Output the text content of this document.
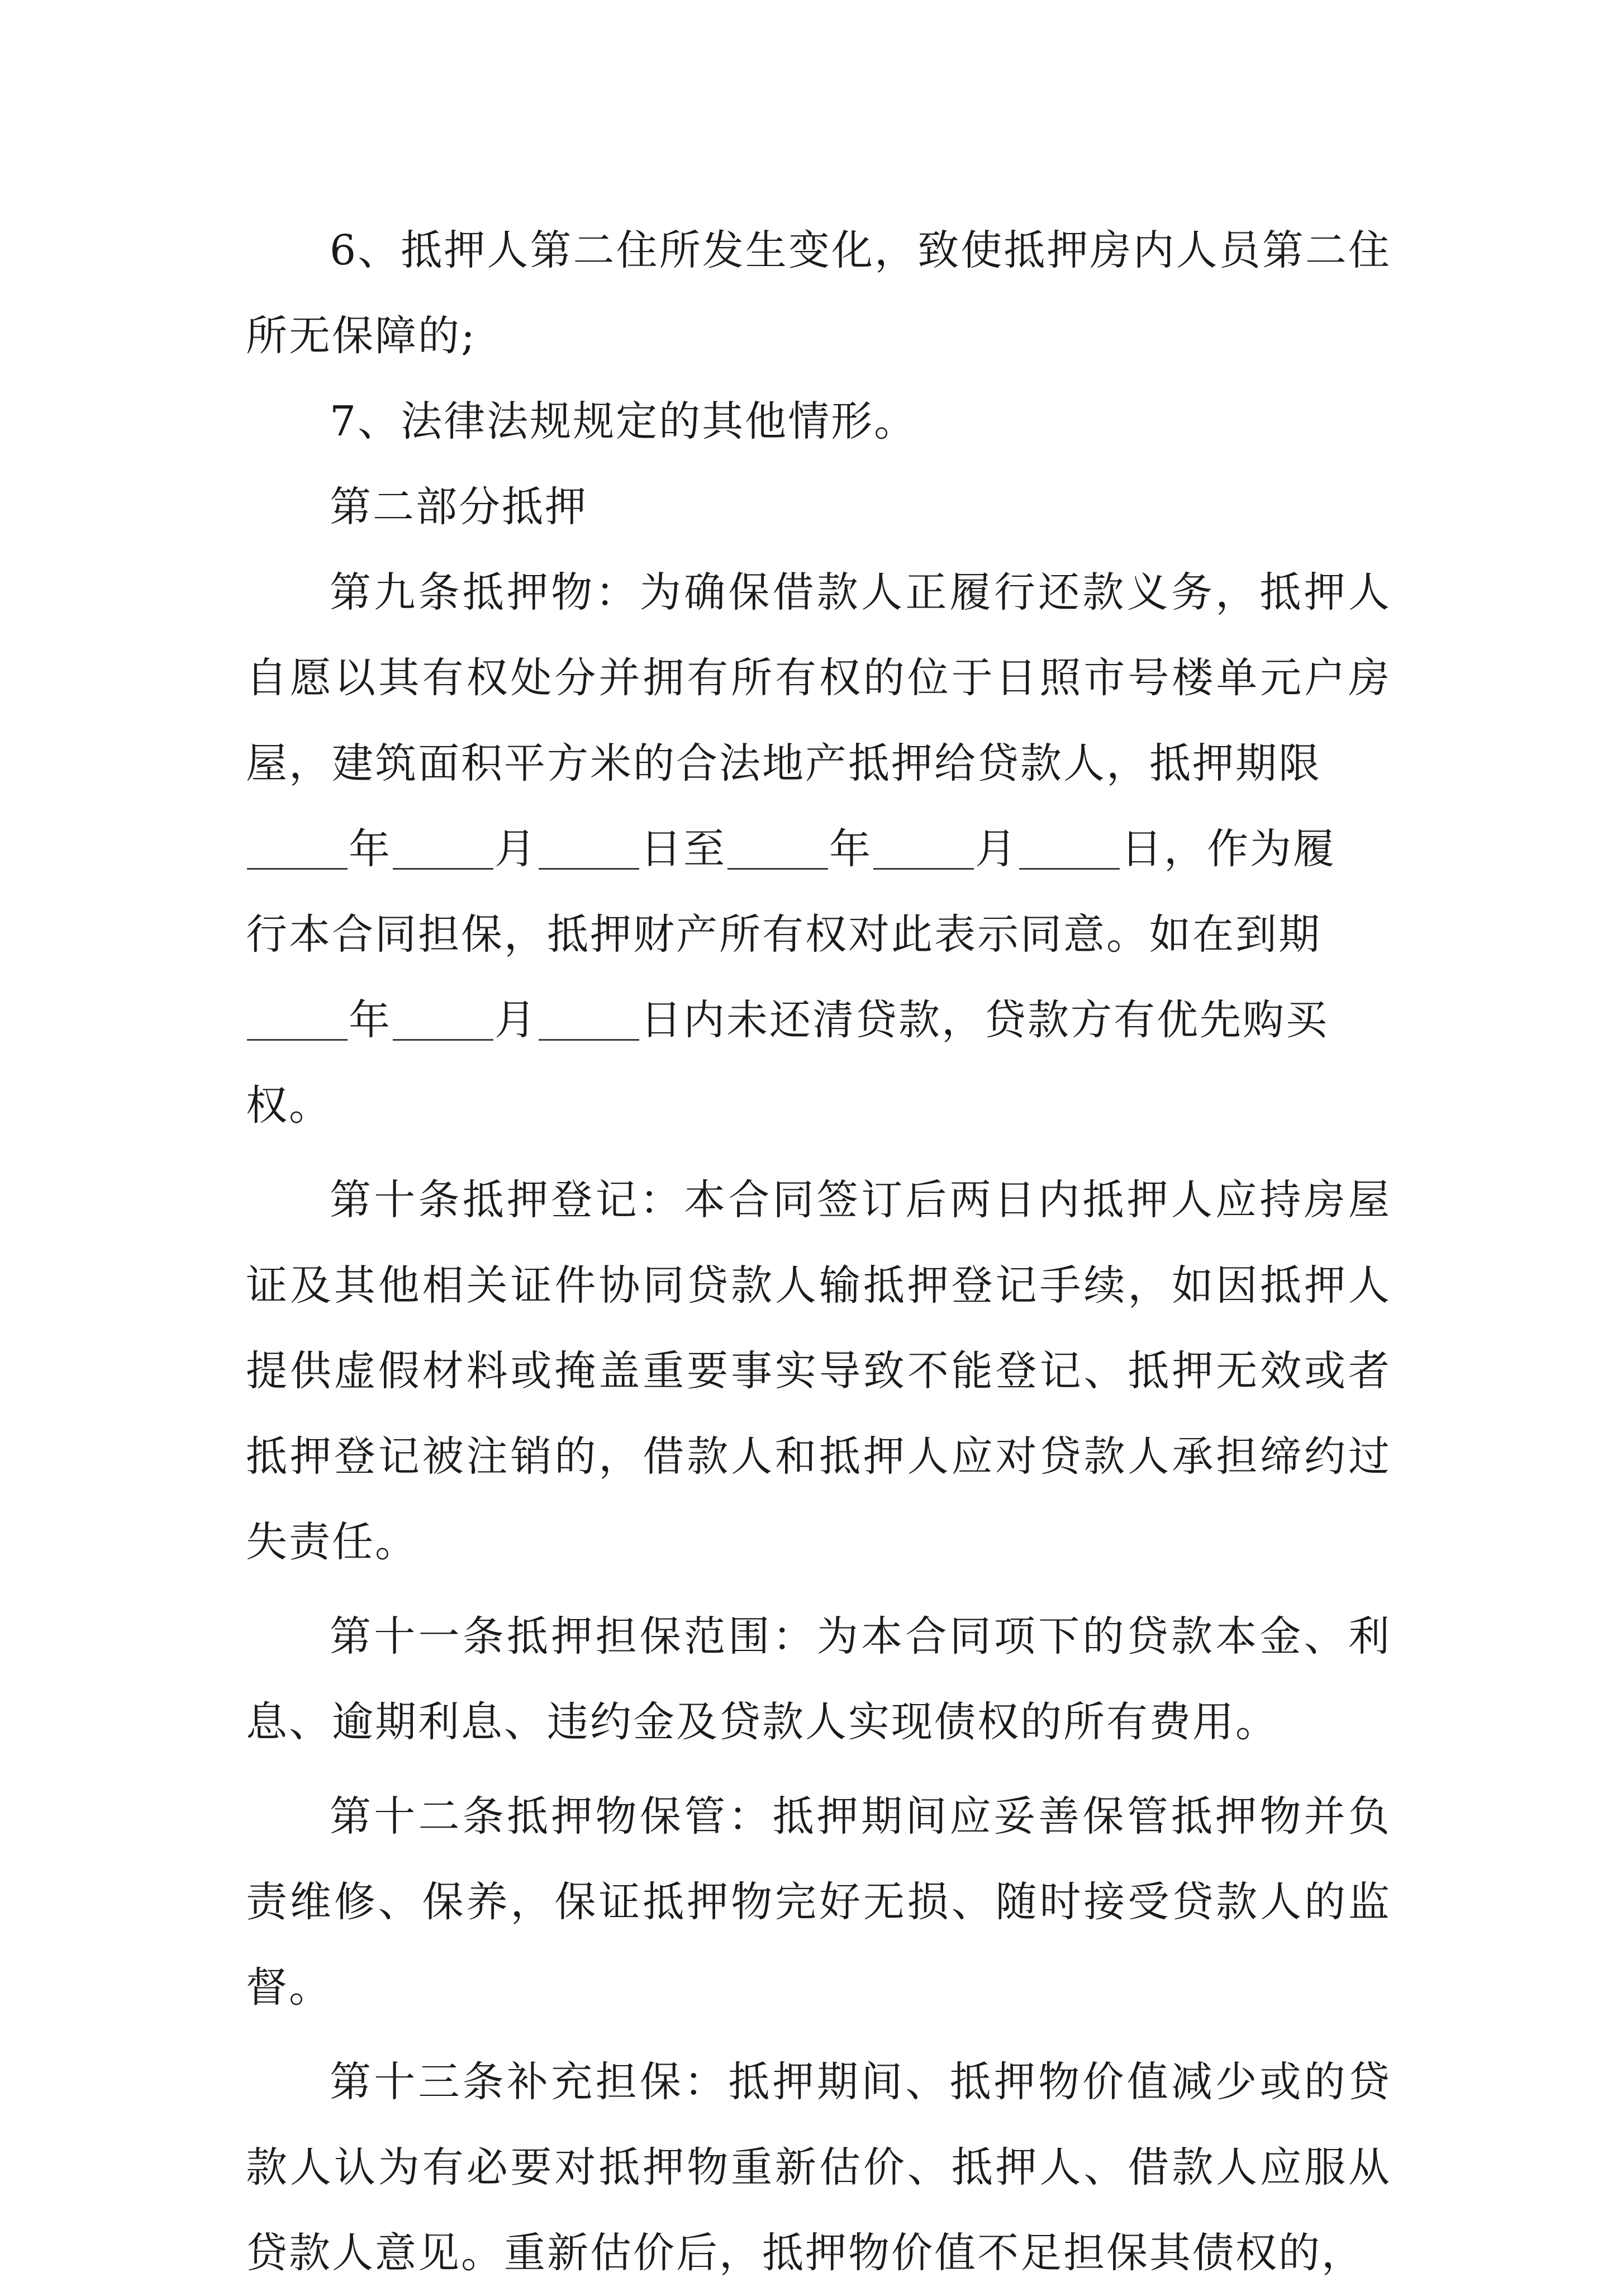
6、抵押人第二住所发生变化，致使抵押房内人员第二住所无保障的;

7、法律法规规定的其他情形。

第二部分抵押

第九条抵押物：为确保借款人正履行还款义务，抵押人自愿以其有权处分并拥有所有权的位于日照市号楼单元户房屋，建筑面积平方米的合法地产抵押给贷款人，抵押期限

年 月 日至 年 月 日，作为履
行本合同担保，抵押财产所有权对此表示同意。如在到期
年 月 日内未还清贷款，贷款方有优先购买
权。

第十条抵押登记：本合同签订后两日内抵押人应持房屋证及其他相关证件协同贷款人输抵押登记手续，如因抵押人提供虚假材料或掩盖重要事实导致不能登记、抵押无效或者抵押登记被注销的，借款人和抵押人应对贷款人承担缔约过失责任。

第十一条抵押担保范围：为本合同项下的贷款本金、利息、逾期利息、违约金及贷款人实现债权的所有费用。

第十二条抵押物保管：抵押期间应妥善保管抵押物并负责维修、保养，保证抵押物完好无损、随时接受贷款人的监督。

第十三条补充担保：抵押期间、抵押物价值减少或的贷款人认为有必要对抵押物重新估价、抵押人、借款人应服从贷款人意见。重新估价后，抵押物价值不足担保其债权的，
